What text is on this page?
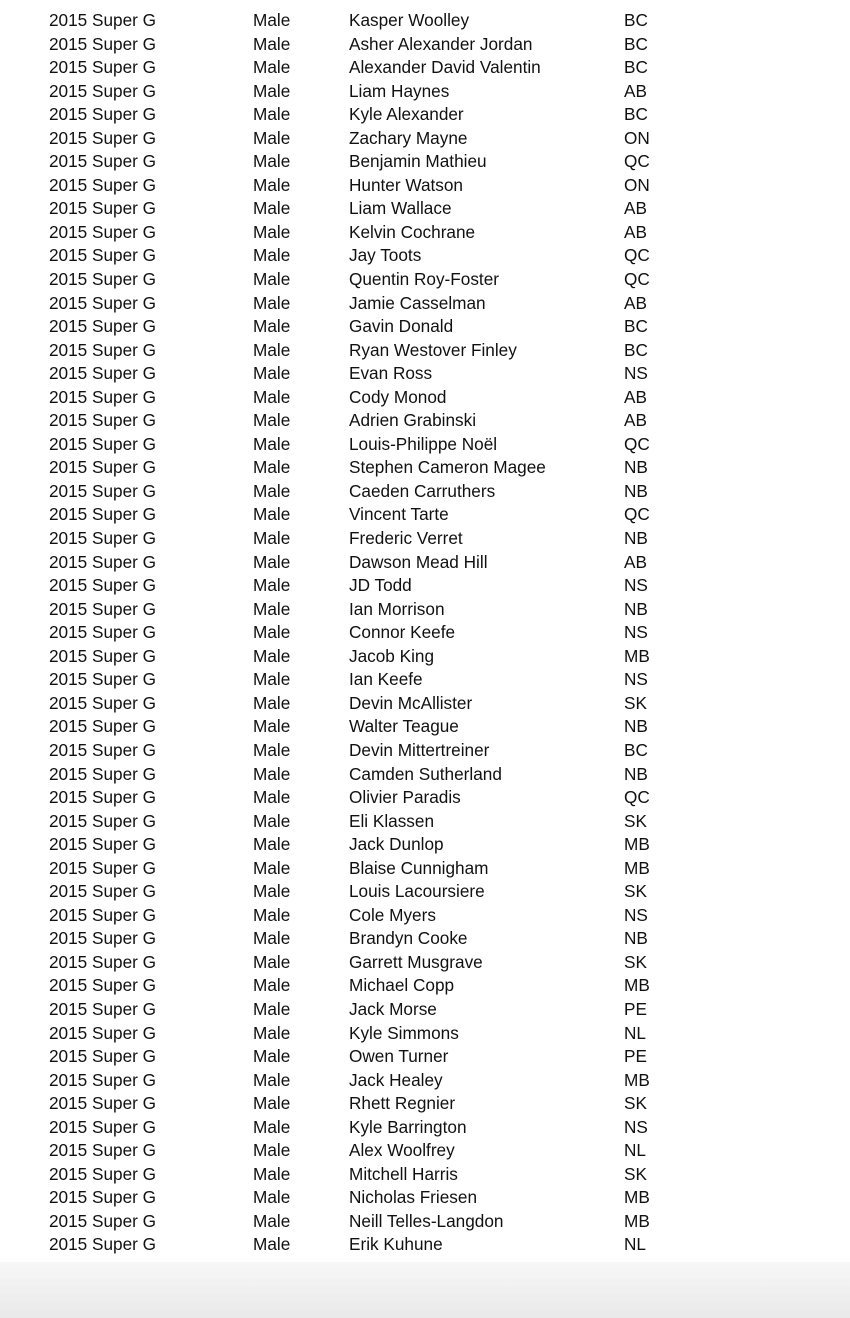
2015 Super G	Male	Kasper Woolley	BC
2015 Super G	Male	Asher Alexander Jordan	BC
2015 Super G	Male	Alexander David Valentin	BC
2015 Super G	Male	Liam Haynes	AB
2015 Super G	Male	Kyle Alexander	BC
2015 Super G	Male	Zachary Mayne	ON
2015 Super G	Male	Benjamin Mathieu	QC
2015 Super G	Male	Hunter Watson	ON
2015 Super G	Male	Liam Wallace	AB
2015 Super G	Male	Kelvin Cochrane	AB
2015 Super G	Male	Jay Toots	QC
2015 Super G	Male	Quentin Roy-Foster	QC
2015 Super G	Male	Jamie Casselman	AB
2015 Super G	Male	Gavin Donald	BC
2015 Super G	Male	Ryan Westover Finley	BC
2015 Super G	Male	Evan Ross	NS
2015 Super G	Male	Cody Monod	AB
2015 Super G	Male	Adrien Grabinski	AB
2015 Super G	Male	Louis-Philippe Noël	QC
2015 Super G	Male	Stephen Cameron Magee	NB
2015 Super G	Male	Caeden Carruthers	NB
2015 Super G	Male	Vincent Tarte	QC
2015 Super G	Male	Frederic Verret	NB
2015 Super G	Male	Dawson Mead Hill	AB
2015 Super G	Male	JD Todd	NS
2015 Super G	Male	Ian Morrison	NB
2015 Super G	Male	Connor Keefe	NS
2015 Super G	Male	Jacob King	MB
2015 Super G	Male	Ian Keefe	NS
2015 Super G	Male	Devin McAllister	SK
2015 Super G	Male	Walter Teague	NB
2015 Super G	Male	Devin Mittertreiner	BC
2015 Super G	Male	Camden Sutherland	NB
2015 Super G	Male	Olivier Paradis	QC
2015 Super G	Male	Eli Klassen	SK
2015 Super G	Male	Jack Dunlop	MB
2015 Super G	Male	Blaise Cunnigham	MB
2015 Super G	Male	Louis Lacoursiere	SK
2015 Super G	Male	Cole Myers	NS
2015 Super G	Male	Brandyn Cooke	NB
2015 Super G	Male	Garrett Musgrave	SK
2015 Super G	Male	Michael Copp	MB
2015 Super G	Male	Jack Morse	PE
2015 Super G	Male	Kyle Simmons	NL
2015 Super G	Male	Owen Turner	PE
2015 Super G	Male	Jack Healey	MB
2015 Super G	Male	Rhett Regnier	SK
2015 Super G	Male	Kyle Barrington	NS
2015 Super G	Male	Alex Woolfrey	NL
2015 Super G	Male	Mitchell Harris	SK
2015 Super G	Male	Nicholas Friesen	MB
2015 Super G	Male	Neill Telles-Langdon	MB
2015 Super G	Male	Erik Kuhune	NL
